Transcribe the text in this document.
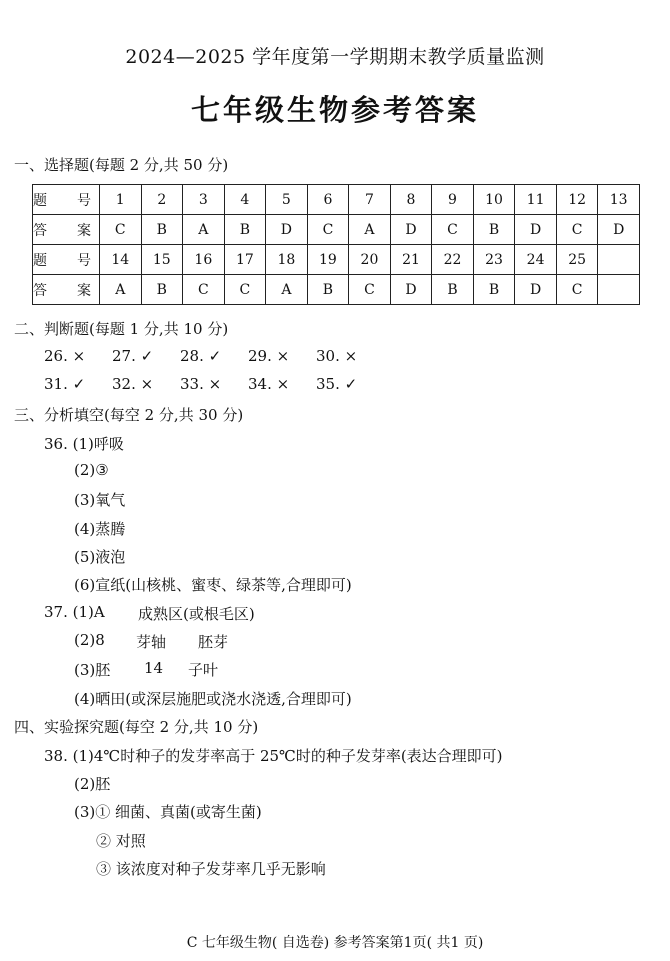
2024—2025 学年度第一学期期末教学质量监测
七年级生物参考答案
一、选择题(每题 2 分,共 50 分)
题　号	1	2	3	4	5	6	7	8	9	10	11	12	13
答　案	C	B	A	B	D	C	A	D	C	B	D	C	D
题　号	14	15	16	17	18	19	20	21	22	23	24	25	
答　案	A	B	C	C	A	B	C	D	B	B	D	C	
二、判断题(每题 1 分,共 10 分)
26. × 27. ✓ 28. ✓ 29. × 30. ×
31. ✓ 32. × 33. × 34. × 35. ✓
三、分析填空(每空 2 分,共 30 分)
36. (1)呼吸
(2)③
(3)氧气
(4)蒸腾
(5)液泡
(6)宣纸(山核桃、蜜枣、绿茶等,合理即可)
37. (1)A 成熟区(或根毛区)
(2)8 芽轴 胚芽
(3)胚 14 子叶
(4)晒田(或深层施肥或浇水浇透,合理即可)
四、实验探究题(每空 2 分,共 10 分)
38. (1)4℃时种子的发芽率高于 25℃时的种子发芽率(表达合理即可)
(2)胚
(3)① 细菌、真菌(或寄生菌)
② 对照
③ 该浓度对种子发芽率几乎无影响
C 七年级生物( 自选卷) 参考答案第1页( 共1 页)
